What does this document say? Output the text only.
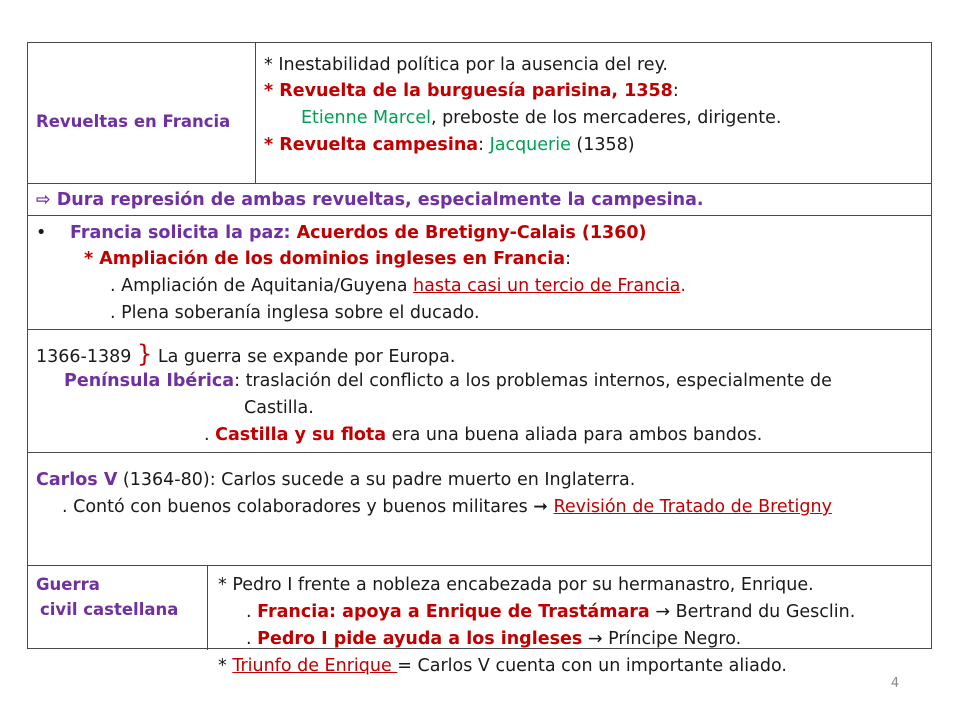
Revueltas en Francia
* Inestabilidad política por la ausencia del rey.
* Revuelta de la burguesía parisina, 1358:
Etienne Marcel, preboste de los mercaderes, dirigente.
* Revuelta campesina: Jacquerie (1358)
⇨ Dura represión de ambas revueltas, especialmente la campesina.
• Francia solicita la paz: Acuerdos de Bretigny-Calais (1360)
* Ampliación de los dominios ingleses en Francia:
. Ampliación de Aquitania/Guyena hasta casi un tercio de Francia.
. Plena soberanía inglesa sobre el ducado.
1366-1389 } La guerra se expande por Europa.
Península Ibérica: traslación del conflicto a los problemas internos, especialmente de
Castilla.
. Castilla y su flota era una buena aliada para ambos bandos.
Carlos V (1364-80): Carlos sucede a su padre muerto en Inglaterra.
. Contó con buenos colaboradores y buenos militares ➞ Revisión de Tratado de Bretigny
Guerra
civil castellana
* Pedro I frente a nobleza encabezada por su hermanastro, Enrique.
. Francia: apoya a Enrique de Trastámara → Bertrand du Gesclin.
. Pedro I pide ayuda a los ingleses → Príncipe Negro.
* Triunfo de Enrique = Carlos V cuenta con un importante aliado.
4
